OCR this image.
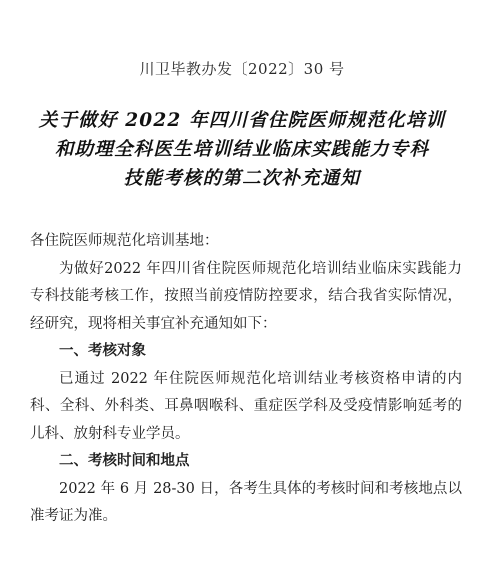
川卫毕教办发〔2022〕30 号
关于做好 2022 年四川省住院医师规范化培训
和助理全科医生培训结业临床实践能力专科
技能考核的第二次补充通知

各住院医师规范化培训基地：

为做好2022 年四川省住院医师规范化培训结业临床实践能力专科技能考核工作，按照当前疫情防控要求，结合我省实际情况，经研究，现将相关事宜补充通知如下：

一、考核对象

已通过 2022 年住院医师规范化培训结业考核资格申请的内科、全科、外科类、耳鼻咽喉科、重症医学科及受疫情影响延考的儿科、放射科专业学员。

二、考核时间和地点

2022 年 6 月 28-30 日，各考生具体的考核时间和考核地点以准考证为准。
